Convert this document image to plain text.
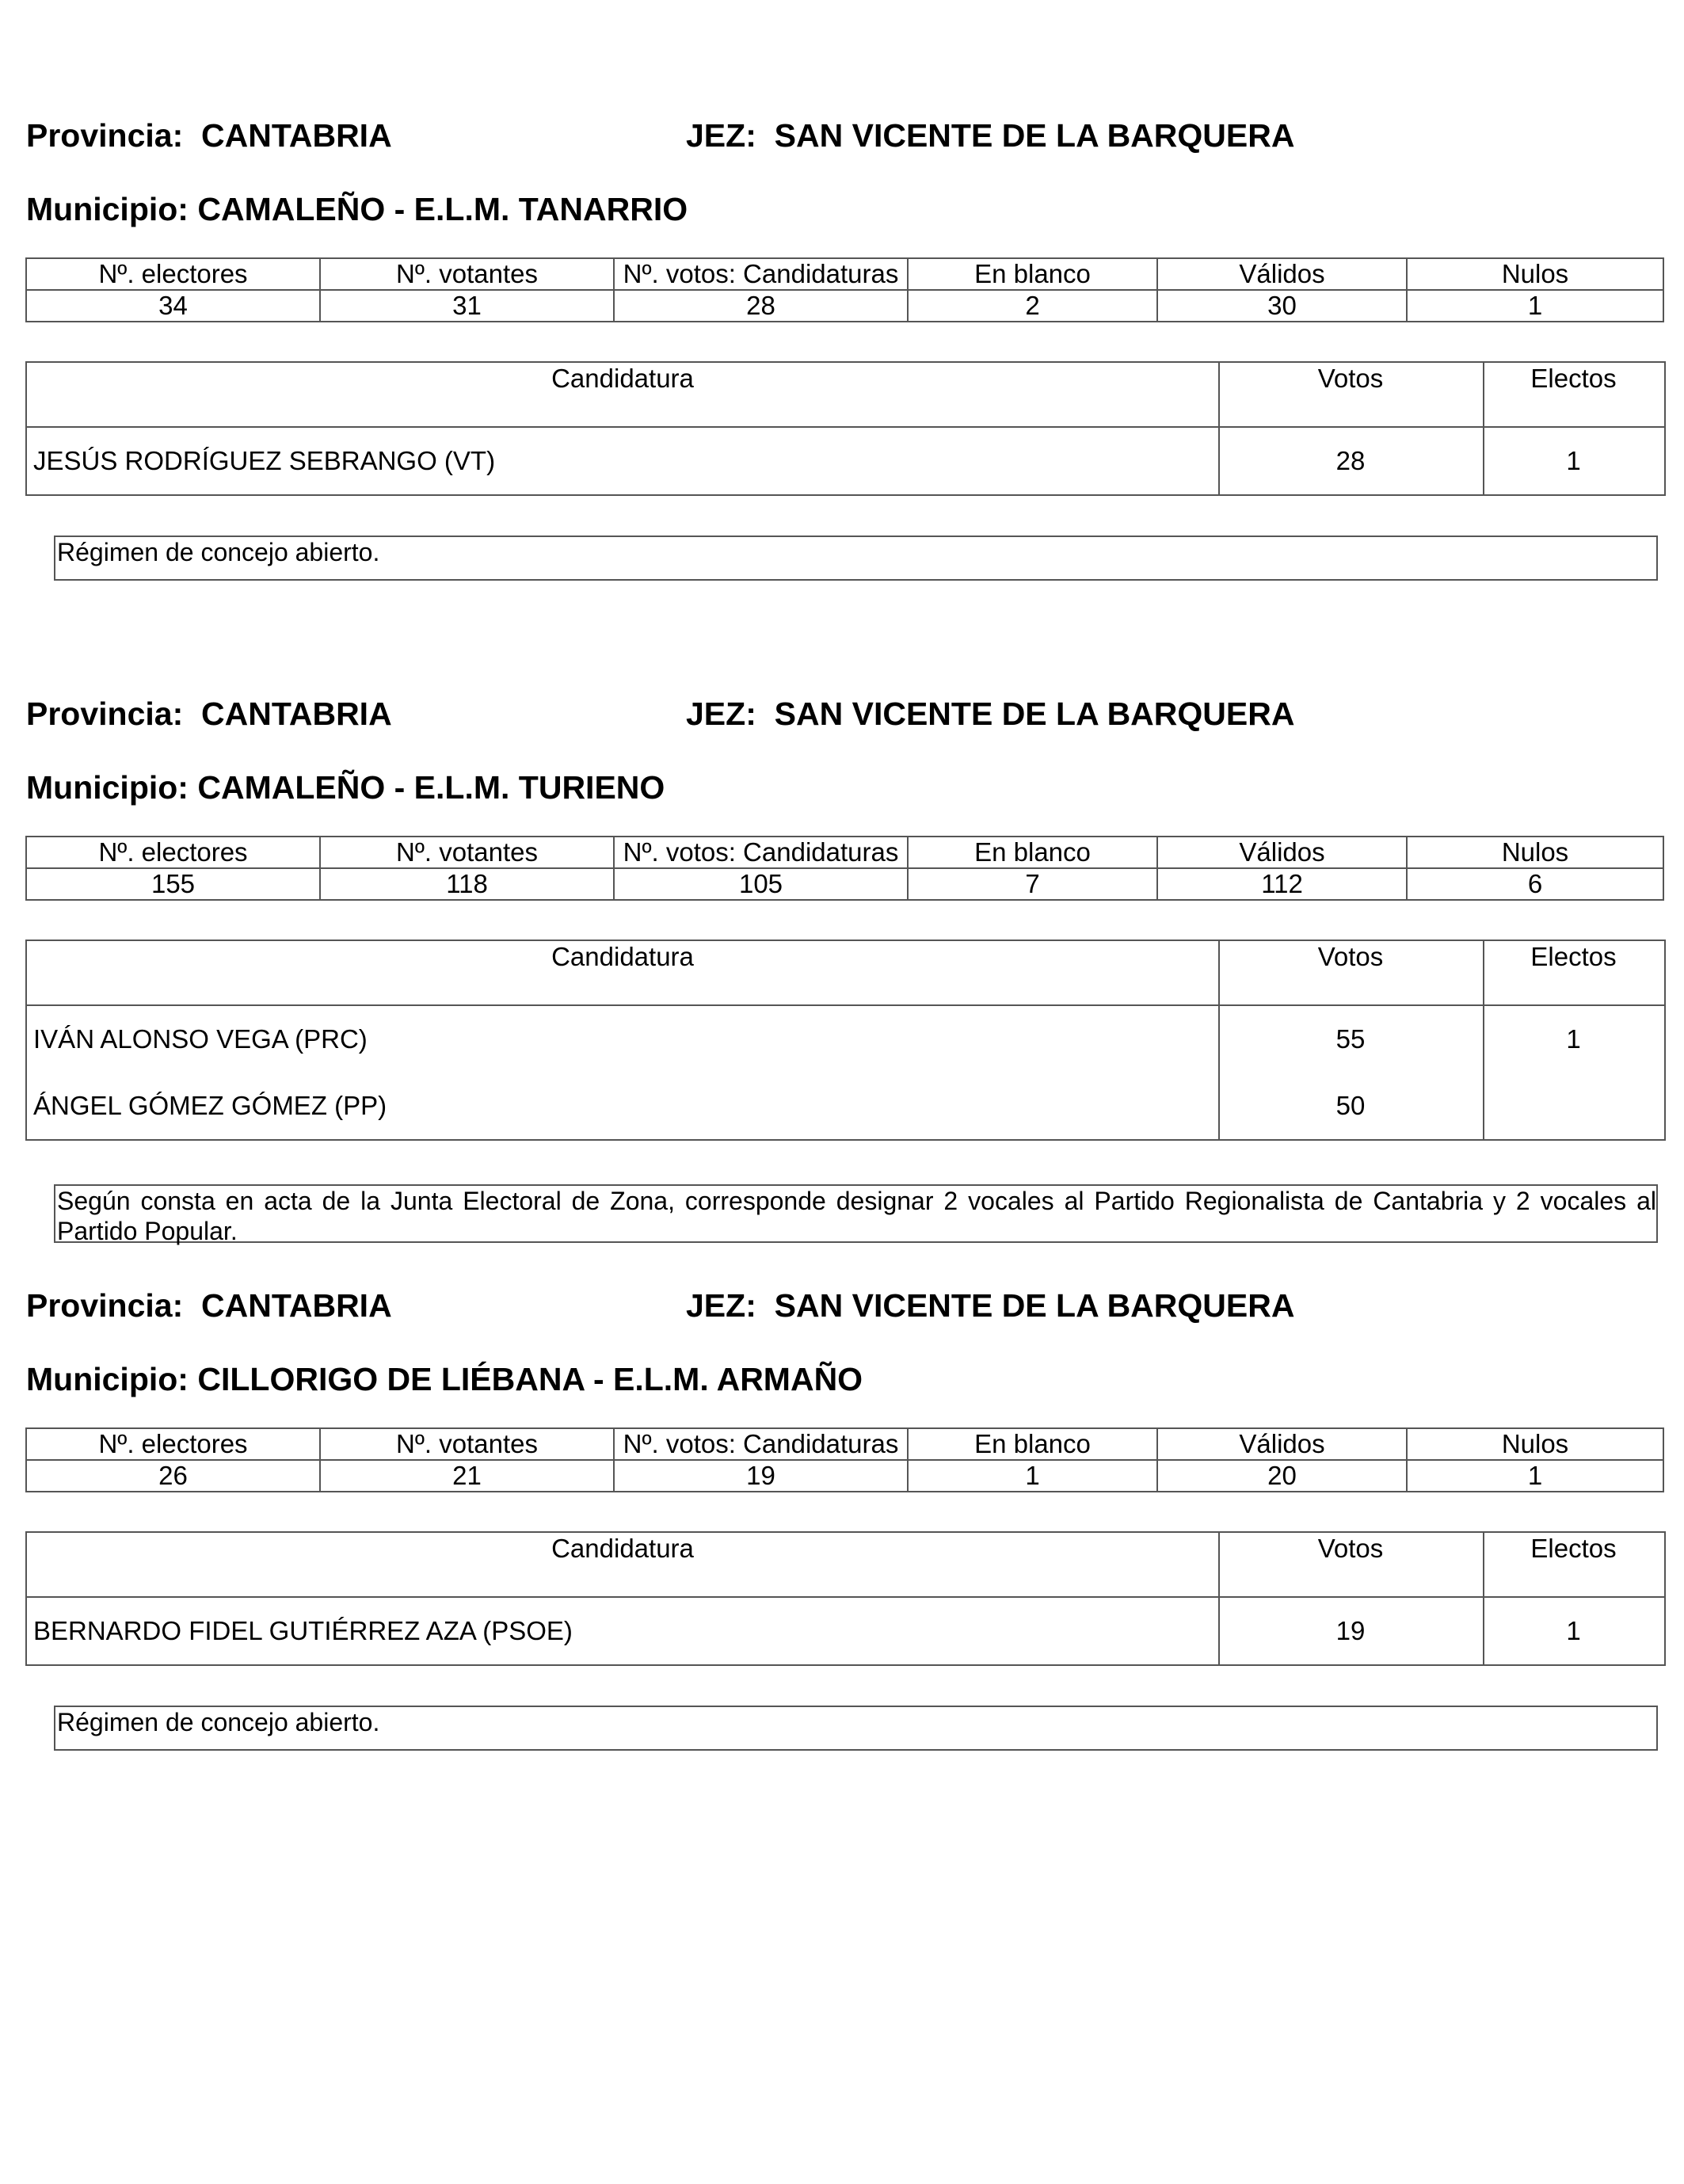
Provincia: CANTABRIA	JEZ: SAN VICENTE DE LA BARQUERA
Municipio: CAMALEÑO - E.L.M. TANARRIO
Nº. electores	Nº. votantes	Nº. votos: Candidaturas	En blanco	Válidos	Nulos
34	31	28	2	30	1
Candidatura	Votos	Electos
JESÚS RODRÍGUEZ SEBRANGO (VT)	28	1
Régimen de concejo abierto.
Provincia: CANTABRIA	JEZ: SAN VICENTE DE LA BARQUERA
Municipio: CAMALEÑO - E.L.M. TURIENO
Nº. electores	Nº. votantes	Nº. votos: Candidaturas	En blanco	Válidos	Nulos
155	118	105	7	112	6
Candidatura	Votos	Electos
IVÁN ALONSO VEGA (PRC)	55	1
ÁNGEL GÓMEZ GÓMEZ (PP)	50
Según consta en acta de la Junta Electoral de Zona, corresponde designar 2 vocales al Partido Regionalista de Cantabria y 2 vocales al Partido Popular.
Provincia: CANTABRIA	JEZ: SAN VICENTE DE LA BARQUERA
Municipio: CILLORIGO DE LIÉBANA - E.L.M. ARMAÑO
Nº. electores	Nº. votantes	Nº. votos: Candidaturas	En blanco	Válidos	Nulos
26	21	19	1	20	1
Candidatura	Votos	Electos
BERNARDO FIDEL GUTIÉRREZ AZA (PSOE)	19	1
Régimen de concejo abierto.
